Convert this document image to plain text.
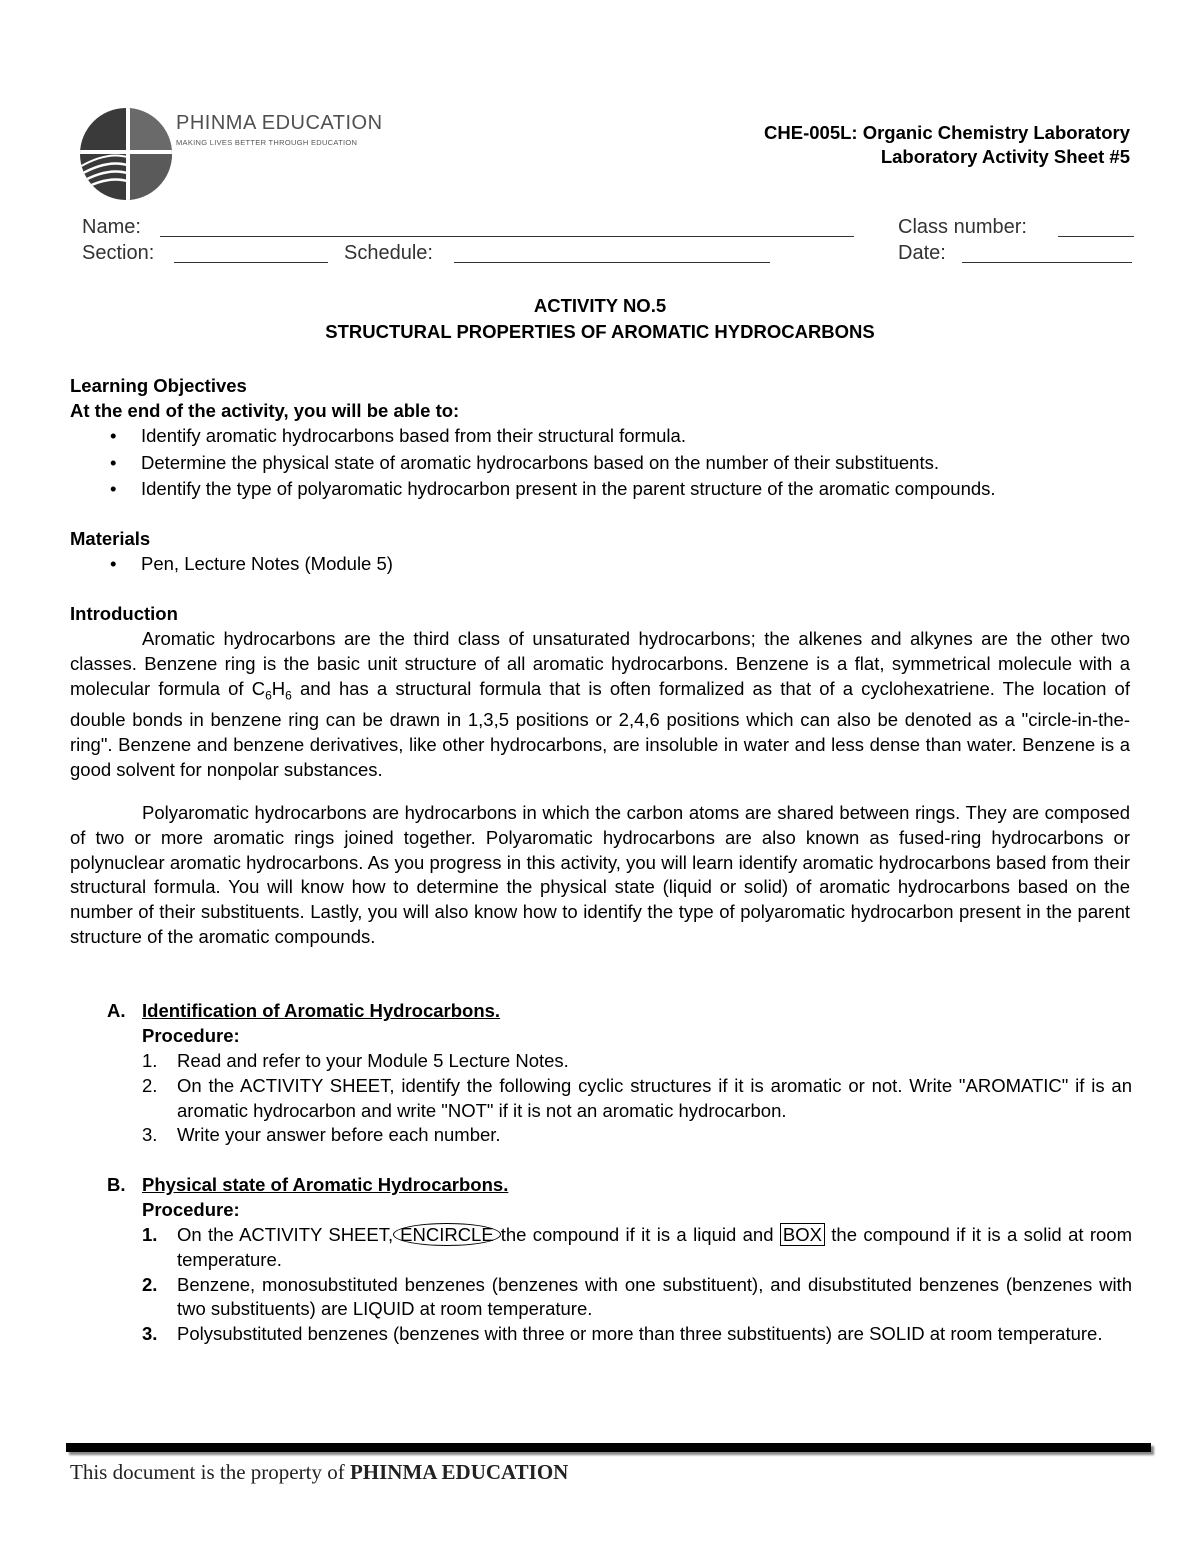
PHINMA EDUCATION
MAKING LIVES BETTER THROUGH EDUCATION	CHE-005L: Organic Chemistry Laboratory
Laboratory Activity Sheet #5
Name:	Class number:
Section:	Schedule:	Date:
ACTIVITY NO.5
STRUCTURAL PROPERTIES OF AROMATIC HYDROCARBONS
Learning Objectives
At the end of the activity, you will be able to:
• Identify aromatic hydrocarbons based from their structural formula.
• Determine the physical state of aromatic hydrocarbons based on the number of their substituents.
• Identify the type of polyaromatic hydrocarbon present in the parent structure of the aromatic compounds.
Materials
• Pen, Lecture Notes (Module 5)
Introduction
Aromatic hydrocarbons are the third class of unsaturated hydrocarbons; the alkenes and alkynes are the other two classes. Benzene ring is the basic unit structure of all aromatic hydrocarbons. Benzene is a flat, symmetrical molecule with a molecular formula of $C_6H_6$ and has a structural formula that is often formalized as that of a cyclohexatriene. The location of double bonds in benzene ring can be drawn in 1,3,5 positions or 2,4,6 positions which can also be denoted as a "circle-in-the-ring". Benzene and benzene derivatives, like other hydrocarbons, are insoluble in water and less dense than water. Benzene is a good solvent for nonpolar substances.
Polyaromatic hydrocarbons are hydrocarbons in which the carbon atoms are shared between rings. They are composed of two or more aromatic rings joined together. Polyaromatic hydrocarbons are also known as fused-ring hydrocarbons or polynuclear aromatic hydrocarbons. As you progress in this activity, you will learn identify aromatic hydrocarbons based from their structural formula. You will know how to determine the physical state (liquid or solid) of aromatic hydrocarbons based on the number of their substituents. Lastly, you will also know how to identify the type of polyaromatic hydrocarbon present in the parent structure of the aromatic compounds.
A. Identification of Aromatic Hydrocarbons.
Procedure:
1. Read and refer to your Module 5 Lecture Notes.
2. On the ACTIVITY SHEET, identify the following cyclic structures if it is aromatic or not. Write "AROMATIC" if is an aromatic hydrocarbon and write "NOT" if it is not an aromatic hydrocarbon.
3. Write your answer before each number.
B. Physical state of Aromatic Hydrocarbons.
Procedure:
1. On the ACTIVITY SHEET, ENCIRCLE the compound if it is a liquid and BOX the compound if it is a solid at room temperature.
2. Benzene, monosubstituted benzenes (benzenes with one substituent), and disubstituted benzenes (benzenes with two substituents) are LIQUID at room temperature.
3. Polysubstituted benzenes (benzenes with three or more than three substituents) are SOLID at room temperature.
This document is the property of PHINMA EDUCATION
